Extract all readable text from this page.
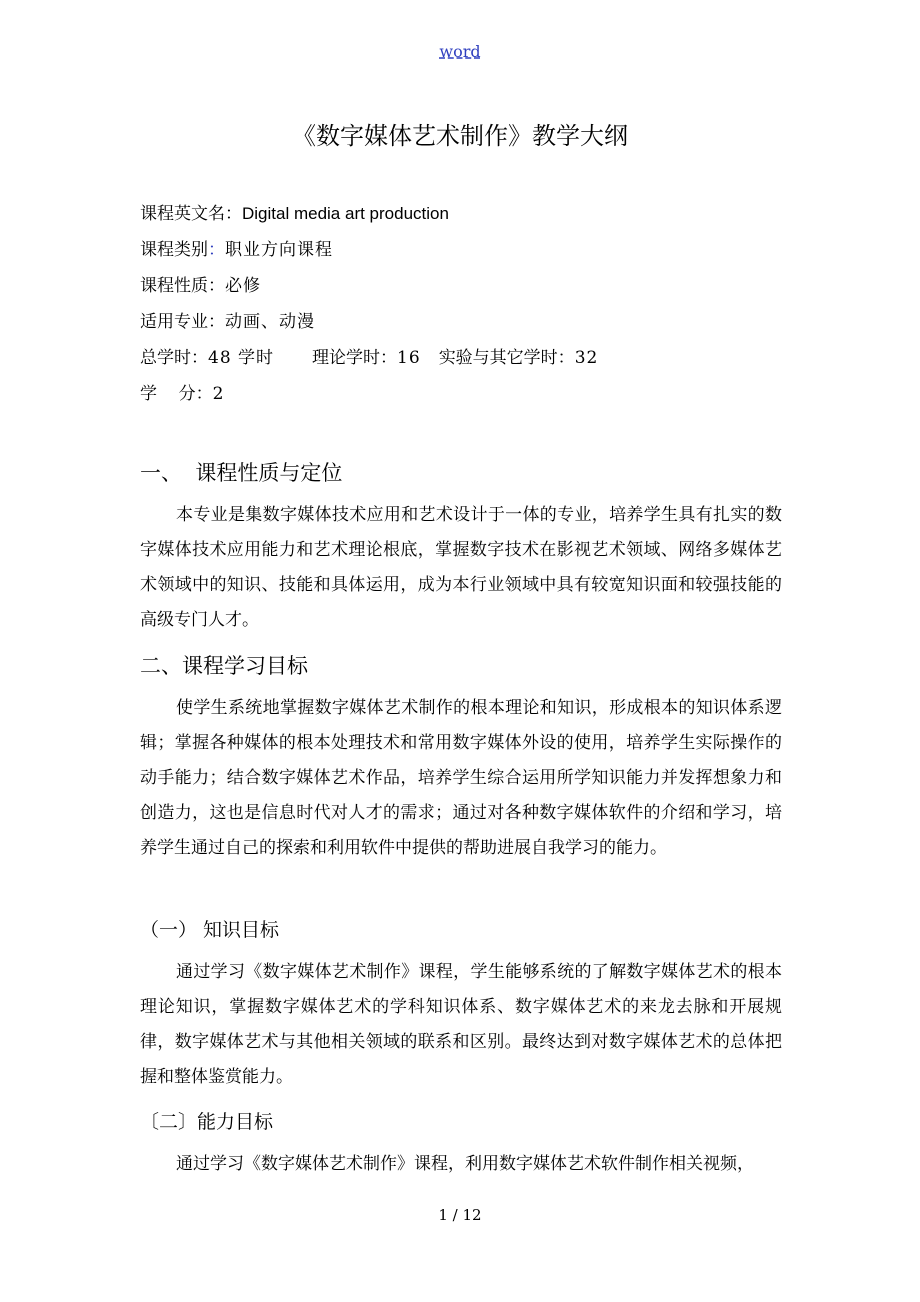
word
《数字媒体艺术制作》教学大纲
课程英文名：Digital media art production
课程类别：职业方向课程
课程性质：必修
适用专业：动画、动漫
总学时：48 学时 理论学时：16 实验与其它学时：32
学    分：2
一、  课程性质与定位

本专业是集数字媒体技术应用和艺术设计于一体的专业，培养学生具有扎实的数字媒体技术应用能力和艺术理论根底，掌握数字技术在影视艺术领域、网络多媒体艺术领域中的知识、技能和具体运用，成为本行业领域中具有较宽知识面和较强技能的高级专门人才。

二、课程学习目标

使学生系统地掌握数字媒体艺术制作的根本理论和知识，形成根本的知识体系逻辑；掌握各种媒体的根本处理技术和常用数字媒体外设的使用，培养学生实际操作的动手能力；结合数字媒体艺术作品，培养学生综合运用所学知识能力并发挥想象力和创造力，这也是信息时代对人才的需求；通过对各种数字媒体软件的介绍和学习，培养学生通过自己的探索和利用软件中提供的帮助进展自我学习的能力。

（一） 知识目标

通过学习《数字媒体艺术制作》课程，学生能够系统的了解数字媒体艺术的根本理论知识，掌握数字媒体艺术的学科知识体系、数字媒体艺术的来龙去脉和开展规律，数字媒体艺术与其他相关领域的联系和区别。最终达到对数字媒体艺术的总体把握和整体鉴赏能力。

〔二〕能力目标

通过学习《数字媒体艺术制作》课程，利用数字媒体艺术软件制作相关视频，

1 / 12
